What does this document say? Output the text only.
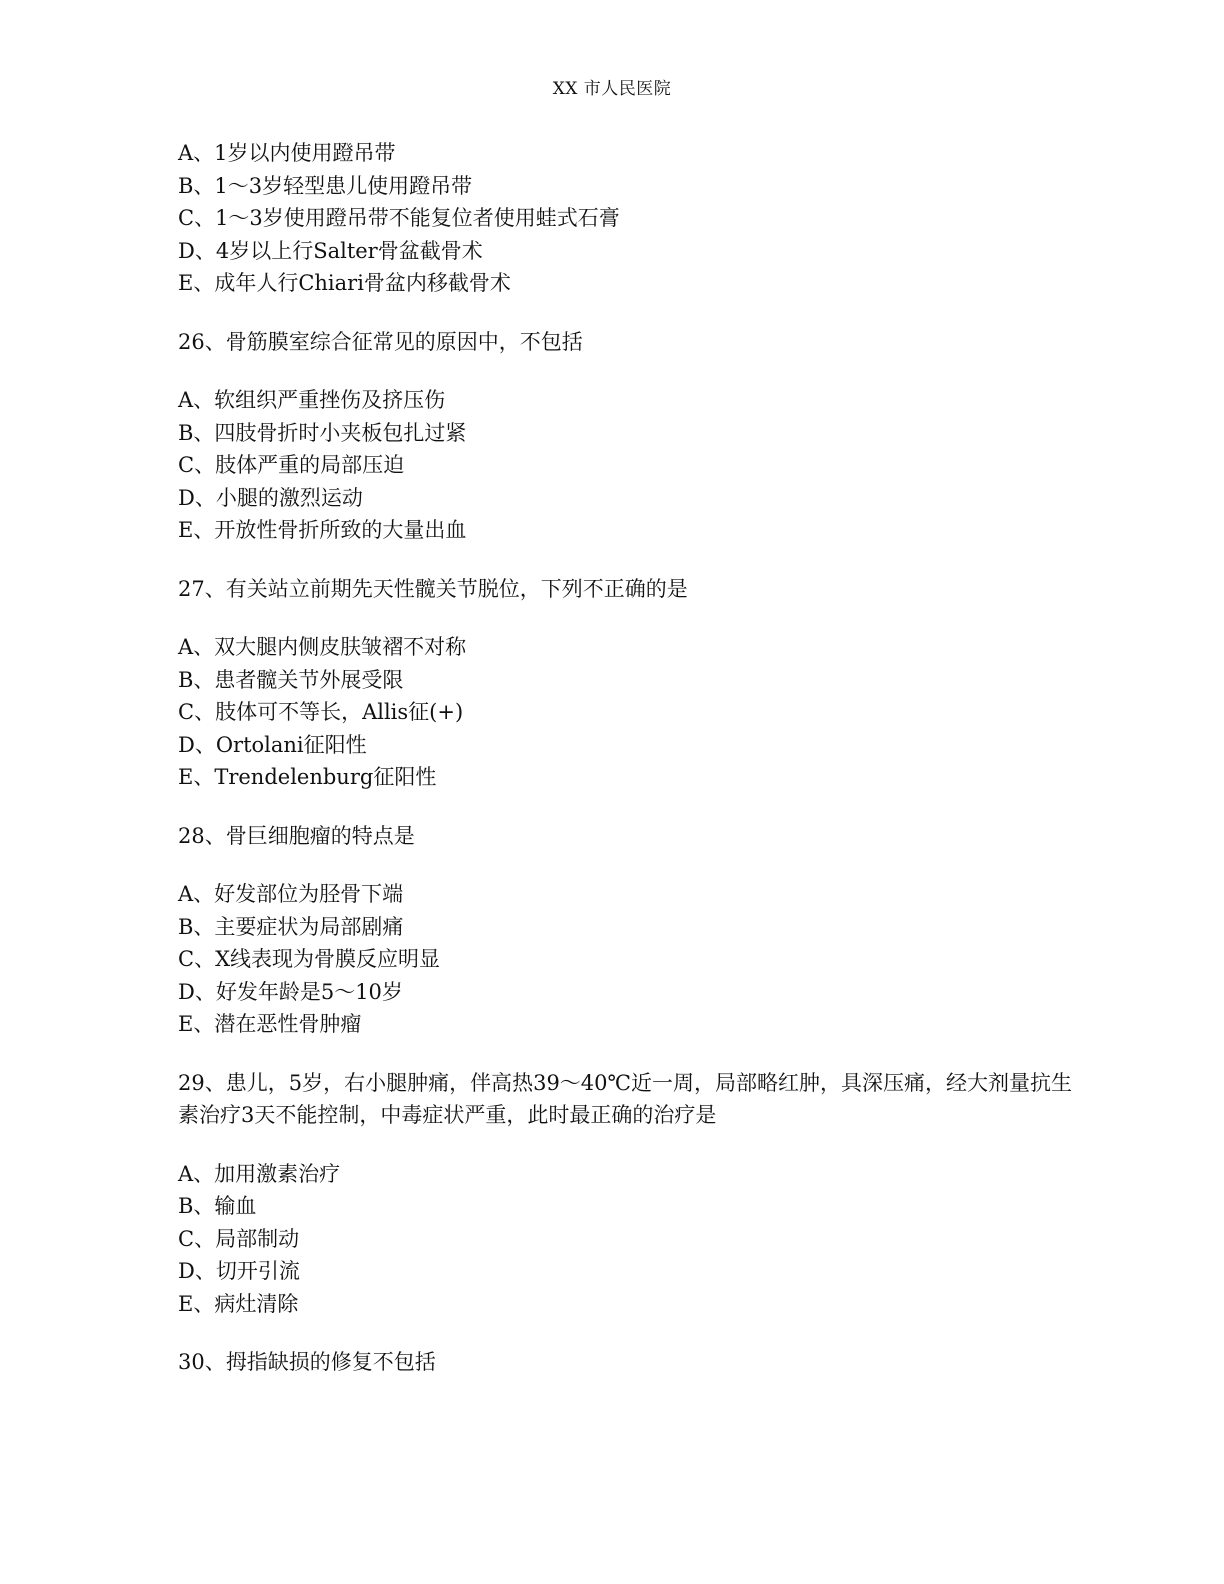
XX 市人民医院
A、1岁以内使用蹬吊带
B、1～3岁轻型患儿使用蹬吊带
C、1～3岁使用蹬吊带不能复位者使用蛙式石膏
D、4岁以上行Salter骨盆截骨术
E、成年人行Chiari骨盆内移截骨术
26、骨筋膜室综合征常见的原因中，不包括
A、软组织严重挫伤及挤压伤
B、四肢骨折时小夹板包扎过紧
C、肢体严重的局部压迫
D、小腿的激烈运动
E、开放性骨折所致的大量出血
27、有关站立前期先天性髋关节脱位，下列不正确的是
A、双大腿内侧皮肤皱褶不对称
B、患者髋关节外展受限
C、肢体可不等长，Allis征(+)
D、Ortolani征阳性
E、Trendelenburg征阳性
28、骨巨细胞瘤的特点是
A、好发部位为胫骨下端
B、主要症状为局部剧痛
C、X线表现为骨膜反应明显
D、好发年龄是5～10岁
E、潜在恶性骨肿瘤
29、患儿，5岁，右小腿肿痛，伴高热39～40℃近一周，局部略红肿，具深压痛，经大剂量抗生素治疗3天不能控制，中毒症状严重，此时最正确的治疗是
A、加用激素治疗
B、输血
C、局部制动
D、切开引流
E、病灶清除
30、拇指缺损的修复不包括
